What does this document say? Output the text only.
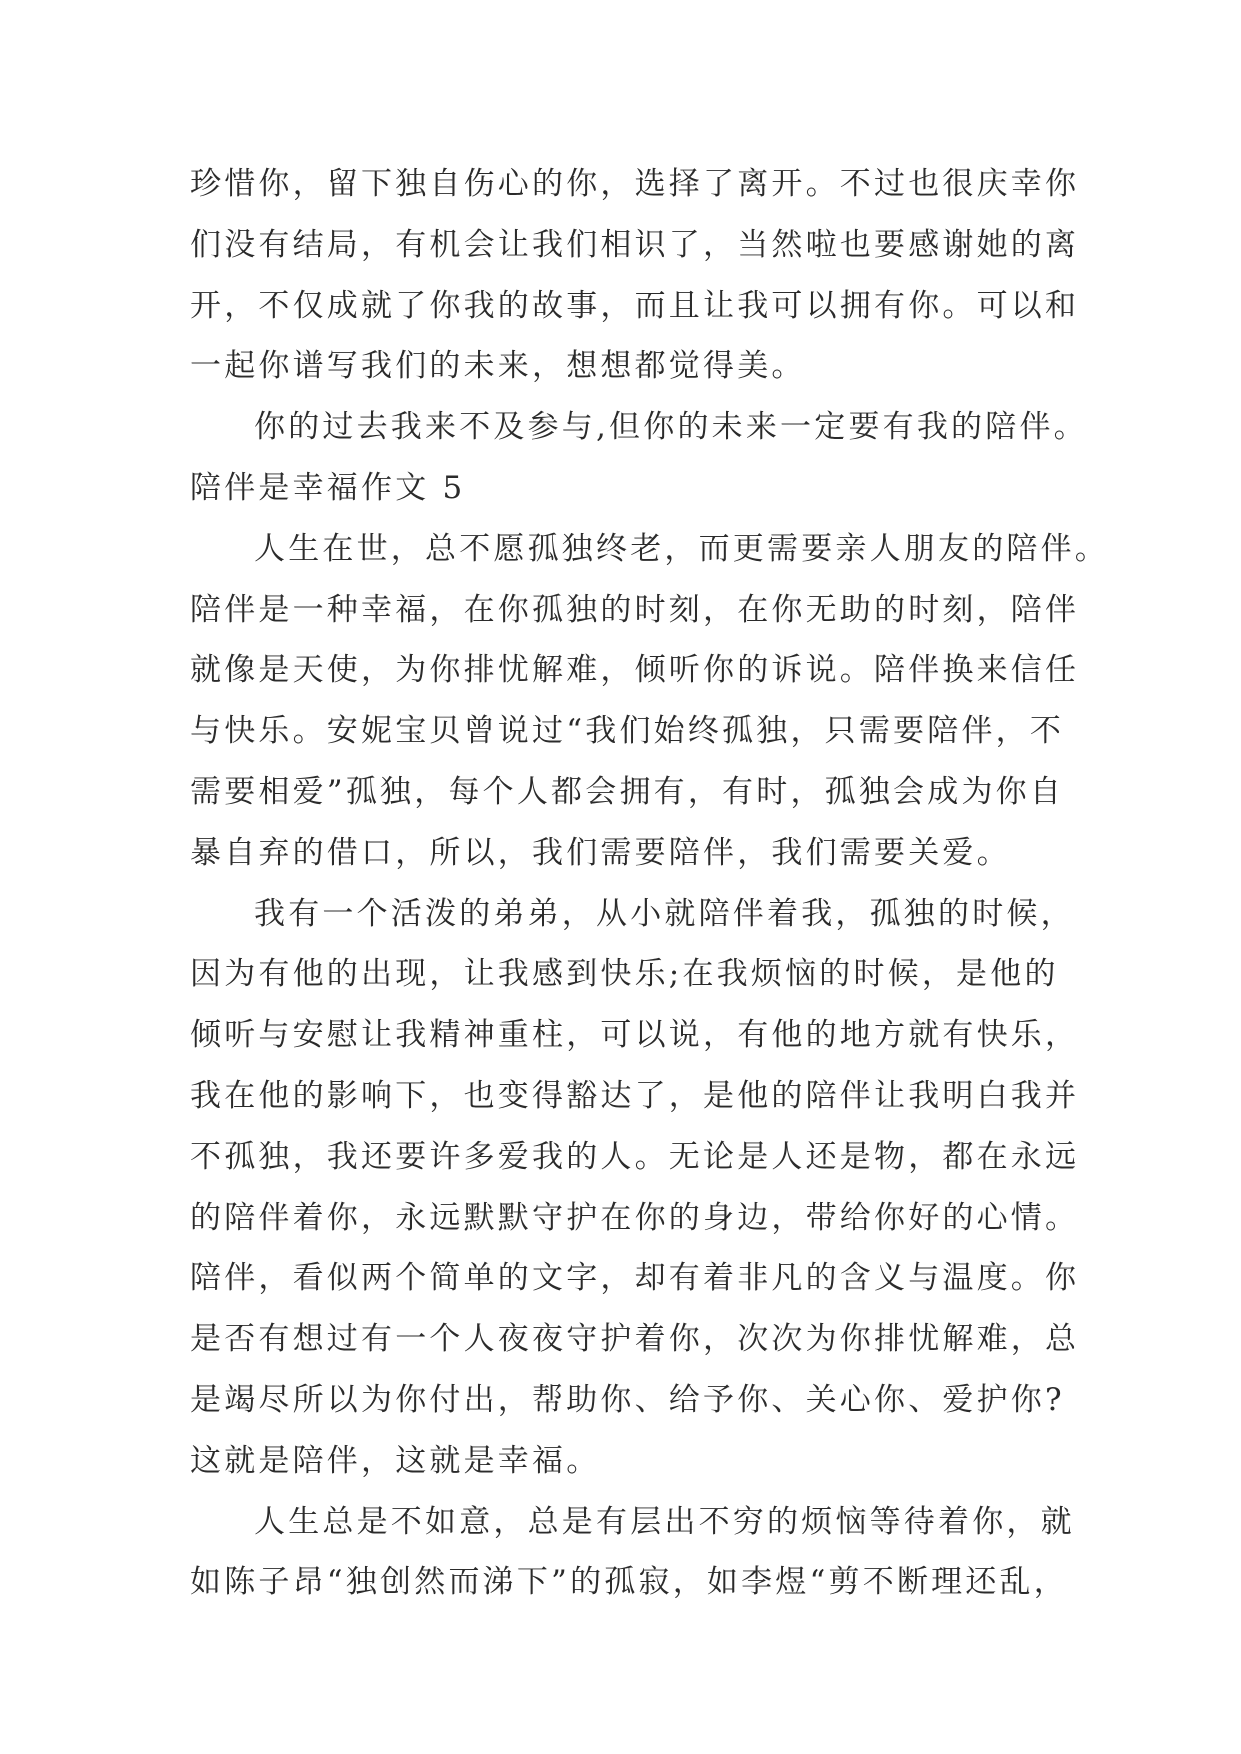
珍惜你，留下独自伤心的你，选择了离开。不过也很庆幸你
们没有结局，有机会让我们相识了，当然啦也要感谢她的离
开，不仅成就了你我的故事，而且让我可以拥有你。可以和
一起你谱写我们的未来，想想都觉得美。
你的过去我来不及参与,但你的未来一定要有我的陪伴。
陪伴是幸福作文 5
人生在世，总不愿孤独终老，而更需要亲人朋友的陪伴。
陪伴是一种幸福，在你孤独的时刻，在你无助的时刻，陪伴
就像是天使，为你排忧解难，倾听你的诉说。陪伴换来信任
与快乐。安妮宝贝曾说过“我们始终孤独，只需要陪伴，不
需要相爱”孤独，每个人都会拥有，有时，孤独会成为你自
暴自弃的借口，所以，我们需要陪伴，我们需要关爱。
我有一个活泼的弟弟，从小就陪伴着我，孤独的时候，
因为有他的出现，让我感到快乐;在我烦恼的时候，是他的
倾听与安慰让我精神重柱，可以说，有他的地方就有快乐，
我在他的影响下，也变得豁达了，是他的陪伴让我明白我并
不孤独，我还要许多爱我的人。无论是人还是物，都在永远
的陪伴着你，永远默默守护在你的身边，带给你好的心情。
陪伴，看似两个简单的文字，却有着非凡的含义与温度。你
是否有想过有一个人夜夜守护着你，次次为你排忧解难，总
是竭尽所以为你付出，帮助你、给予你、关心你、爱护你?
这就是陪伴，这就是幸福。
人生总是不如意，总是有层出不穷的烦恼等待着你，就
如陈子昂“独创然而涕下”的孤寂，如李煜“剪不断理还乱，
